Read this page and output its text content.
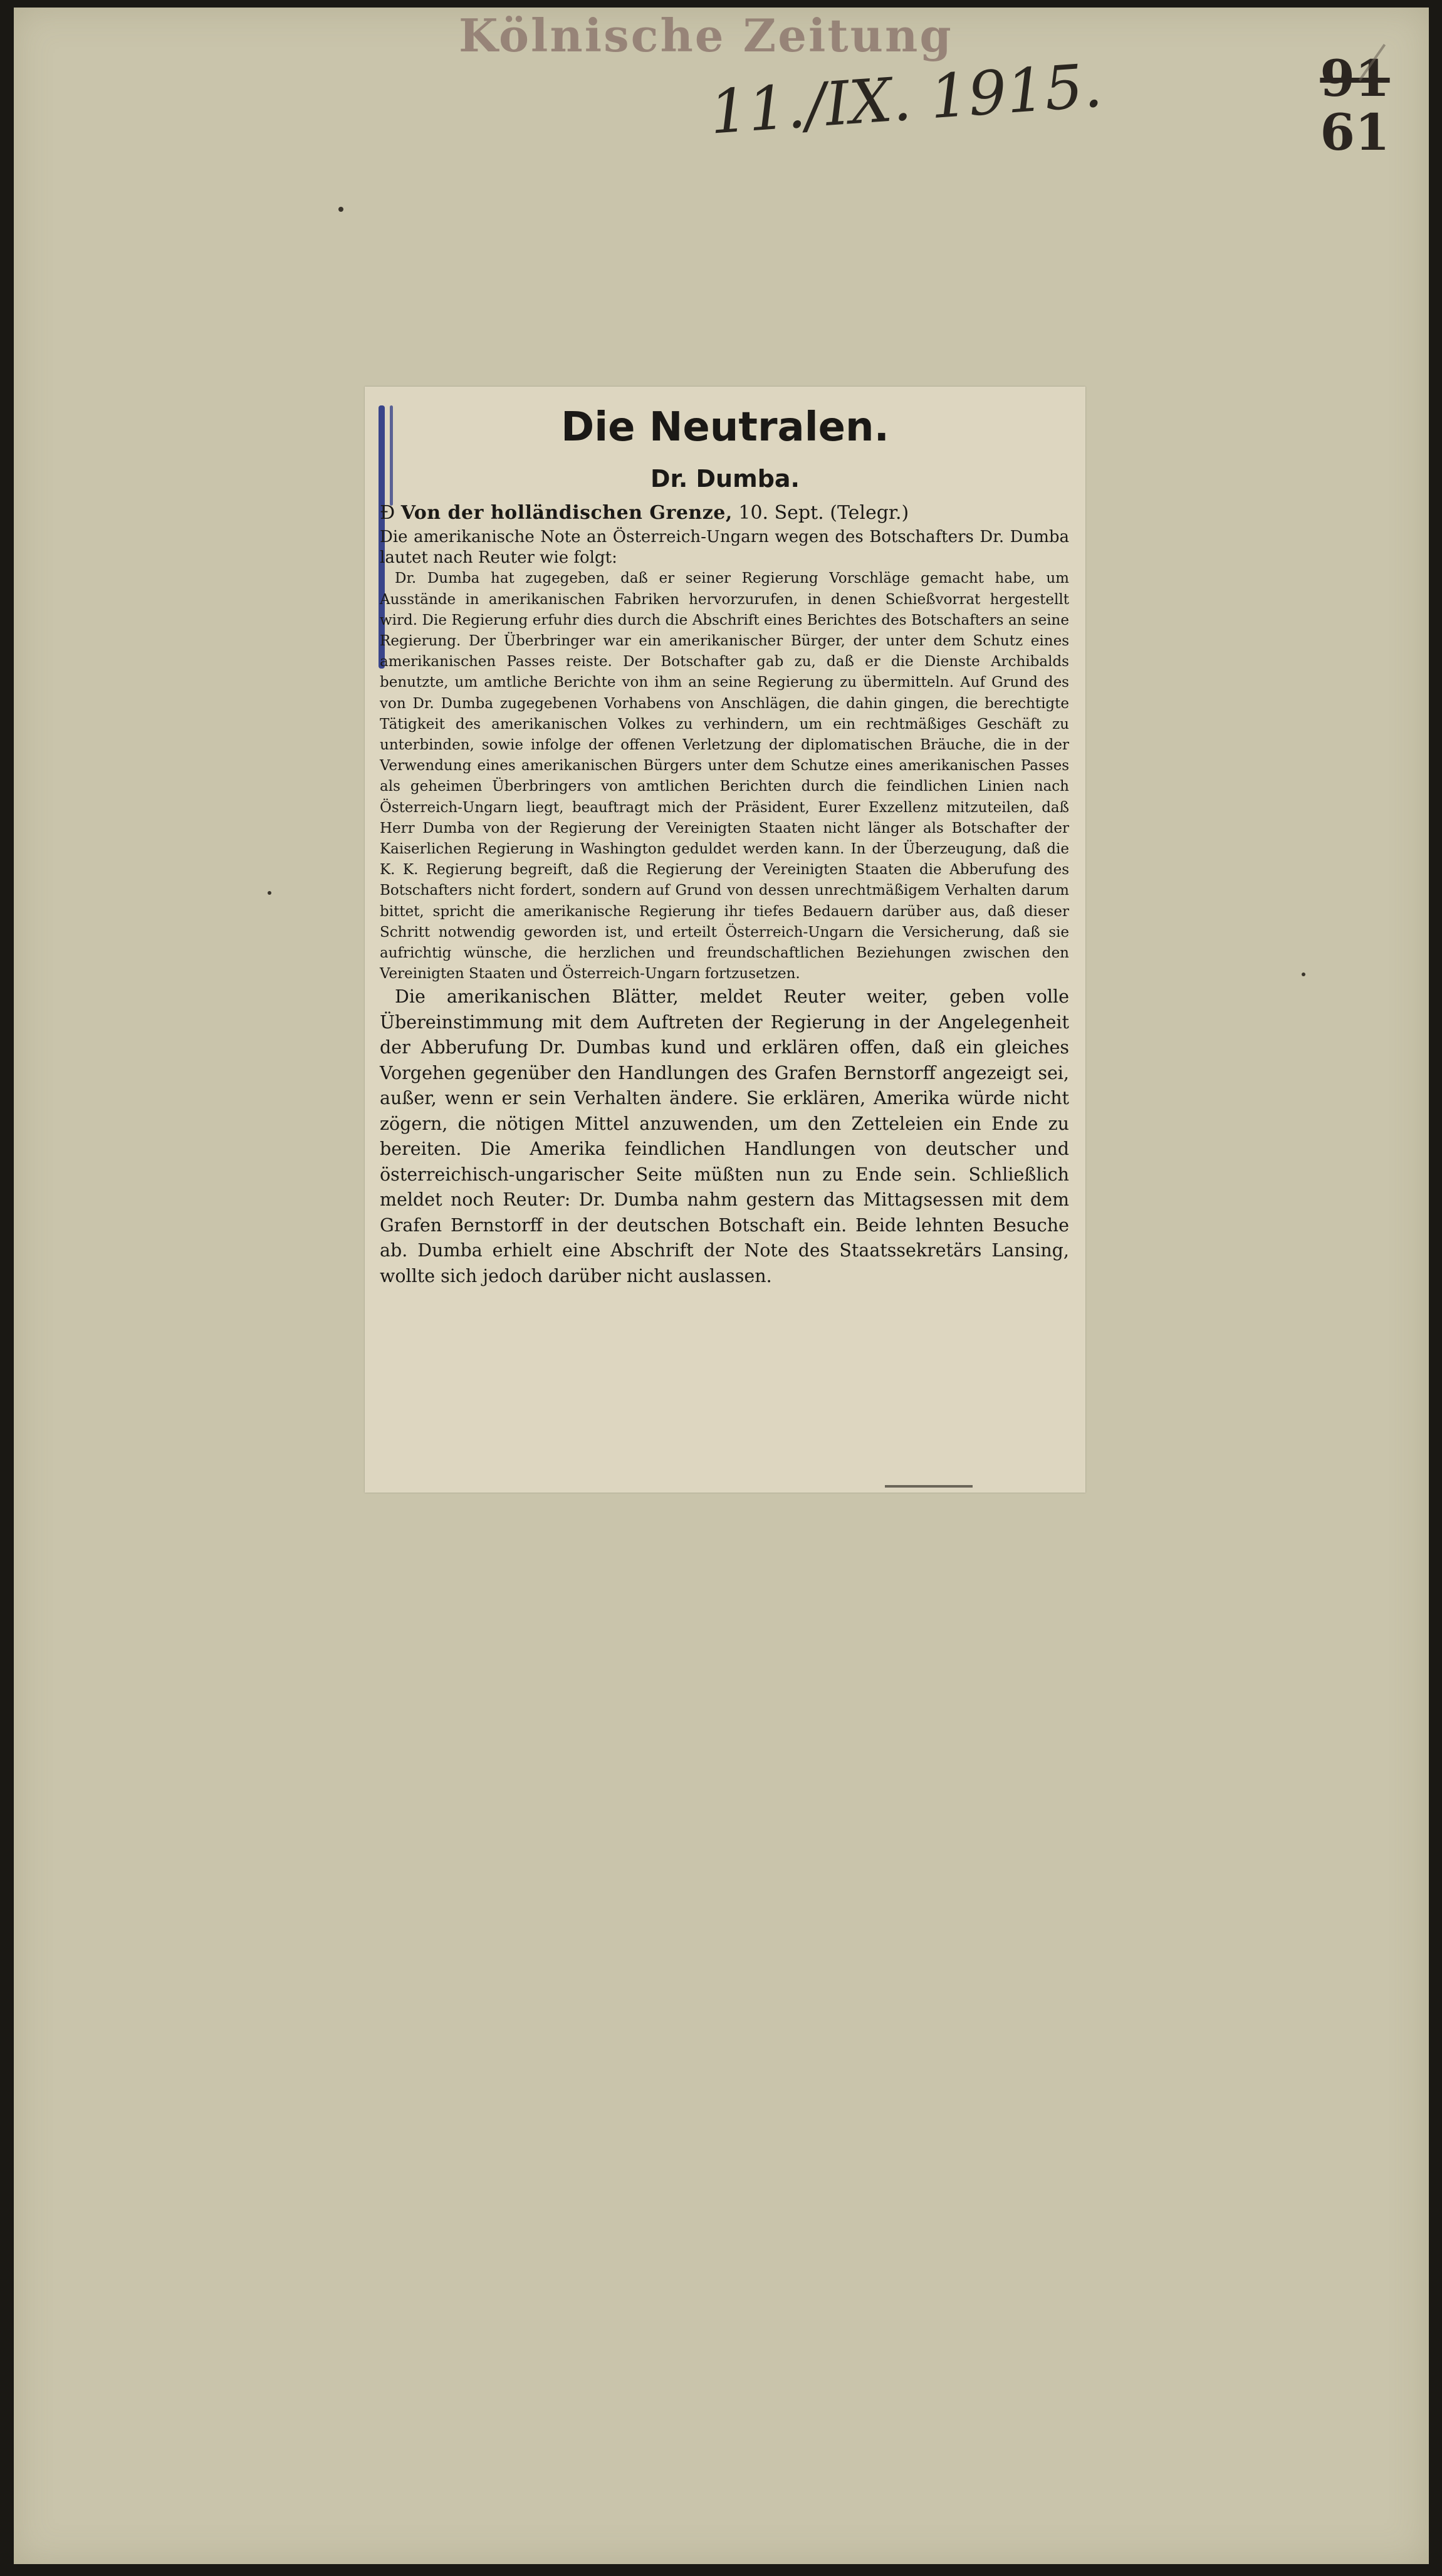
Kölnische Zeitung

11./IX. 1915.	91
61
Die Neutralen.
Dr. Dumba.

Ɖ Von der holländischen Grenze, 10. Sept. (Telegr.)

Die amerikanische Note an Österreich-Ungarn wegen des Botschafters Dr. Dumba lautet nach Reuter wie folgt:

Dr. Dumba hat zugegeben, daß er seiner Regierung Vorschläge gemacht habe, um Ausstände in amerikanischen Fabriken hervorzurufen, in denen Schießvorrat hergestellt wird. Die Regierung erfuhr dies durch die Abschrift eines Berichtes des Botschafters an seine Regierung. Der Überbringer war ein amerikanischer Bürger, der unter dem Schutz eines amerikanischen Passes reiste. Der Botschafter gab zu, daß er die Dienste Archibalds benutzte, um amtliche Berichte von ihm an seine Regierung zu übermitteln. Auf Grund des von Dr. Dumba zugegebenen Vorhabens von Anschlägen, die dahin gingen, die berechtigte Tätigkeit des amerikanischen Volkes zu verhindern, um ein rechtmäßiges Geschäft zu unterbinden, sowie infolge der offenen Verletzung der diplomatischen Bräuche, die in der Verwendung eines amerikanischen Bürgers unter dem Schutze eines amerikanischen Passes als geheimen Überbringers von amtlichen Berichten durch die feindlichen Linien nach Österreich-Ungarn liegt, beauftragt mich der Präsident, Eurer Exzellenz mitzuteilen, daß Herr Dumba von der Regierung der Vereinigten Staaten nicht länger als Botschafter der Kaiserlichen Regierung in Washington geduldet werden kann. In der Überzeugung, daß die K. K. Regierung begreift, daß die Regierung der Vereinigten Staaten die Abberufung des Botschafters nicht fordert, sondern auf Grund von dessen unrechtmäßigem Verhalten darum bittet, spricht die amerikanische Regierung ihr tiefes Bedauern darüber aus, daß dieser Schritt notwendig geworden ist, und erteilt Österreich-Ungarn die Versicherung, daß sie aufrichtig wünsche, die herzlichen und freundschaftlichen Beziehungen zwischen den Vereinigten Staaten und Österreich-Ungarn fortzusetzen.

Die amerikanischen Blätter, meldet Reuter weiter, geben volle Übereinstimmung mit dem Auftreten der Regierung in der Angelegenheit der Abberufung Dr. Dumbas kund und erklären offen, daß ein gleiches Vorgehen gegenüber den Handlungen des Grafen Bernstorff angezeigt sei, außer, wenn er sein Verhalten ändere. Sie erklären, Amerika würde nicht zögern, die nötigen Mittel anzuwenden, um den Zetteleien ein Ende zu bereiten. Die Amerika feindlichen Handlungen von deutscher und österreichisch-ungarischer Seite müßten nun zu Ende sein. Schließlich meldet noch Reuter: Dr. Dumba nahm gestern das Mittagsessen mit dem Grafen Bernstorff in der deutschen Botschaft ein. Beide lehnten Besuche ab. Dumba erhielt eine Abschrift der Note des Staatssekretärs Lansing, wollte sich jedoch darüber nicht auslassen.
